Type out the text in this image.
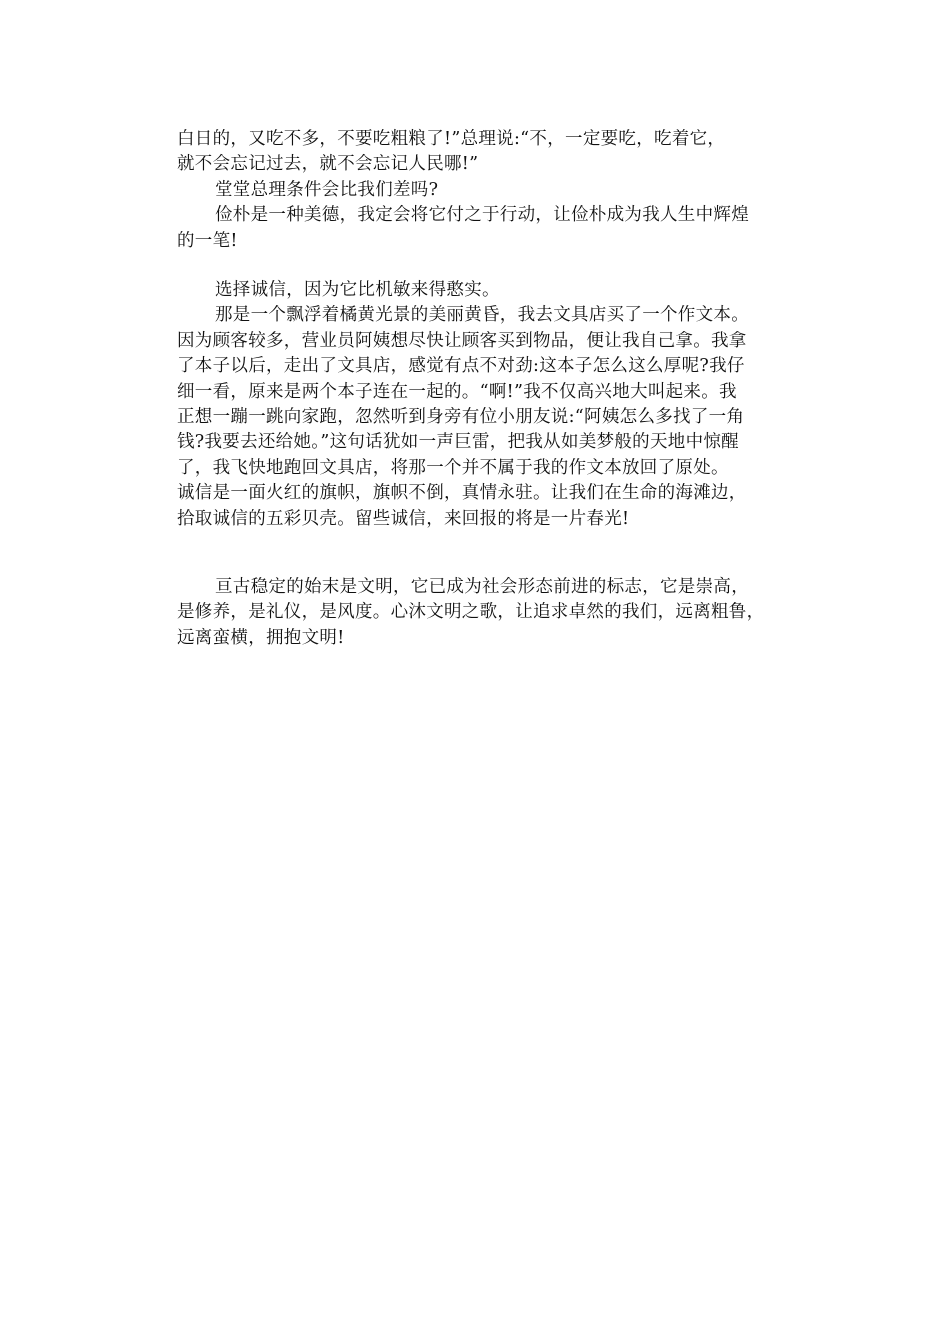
白日的，又吃不多，不要吃粗粮了!”总理说:“不，一定要吃，吃着它，
就不会忘记过去，就不会忘记人民哪!”
堂堂总理条件会比我们差吗?
俭朴是一种美德，我定会将它付之于行动，让俭朴成为我人生中辉煌
的一笔!
选择诚信，因为它比机敏来得憨实。
那是一个飘浮着橘黄光景的美丽黄昏，我去文具店买了一个作文本。
因为顾客较多，营业员阿姨想尽快让顾客买到物品，便让我自己拿。我拿
了本子以后，走出了文具店，感觉有点不对劲:这本子怎么这么厚呢?我仔
细一看，原来是两个本子连在一起的。“啊!”我不仅高兴地大叫起来。我
正想一蹦一跳向家跑，忽然听到身旁有位小朋友说:“阿姨怎么多找了一角
钱?我要去还给她。”这句话犹如一声巨雷，把我从如美梦般的天地中惊醒
了，我飞快地跑回文具店，将那一个并不属于我的作文本放回了原处。
诚信是一面火红的旗帜，旗帜不倒，真情永驻。让我们在生命的海滩边，
拾取诚信的五彩贝壳。留些诚信，来回报的将是一片春光!
亘古稳定的始末是文明，它已成为社会形态前进的标志，它是崇高，
是修养，是礼仪，是风度。心沐文明之歌，让追求卓然的我们，远离粗鲁，
远离蛮横，拥抱文明!
